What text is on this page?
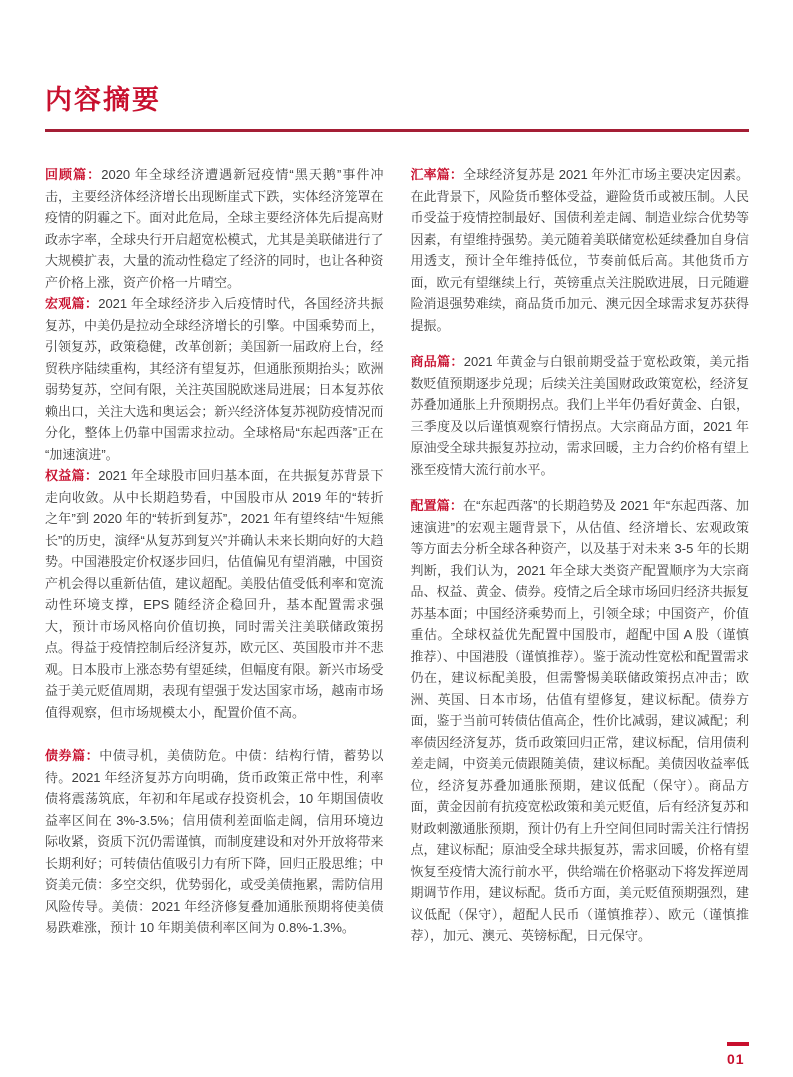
内容摘要

回顾篇：2020 年全球经济遭遇新冠疫情“黑天鹅”事件冲击，主要经济体经济增长出现断崖式下跌，实体经济笼罩在疫情的阴霾之下。面对此危局，全球主要经济体先后提高财政赤字率，全球央行开启超宽松模式，尤其是美联储进行了大规模扩表，大量的流动性稳定了经济的同时，也让各种资产价格上涨，资产价格一片晴空。

宏观篇：2021 年全球经济步入后疫情时代，各国经济共振复苏，中美仍是拉动全球经济增长的引擎。中国乘势而上，引领复苏，政策稳健，改革创新；美国新一届政府上台，经贸秩序陆续重构，其经济有望复苏，但通胀预期抬头；欧洲弱势复苏，空间有限，关注英国脱欧迷局进展；日本复苏依赖出口，关注大选和奥运会；新兴经济体复苏视防疫情况而分化，整体上仍靠中国需求拉动。全球格局“东起西落”正在“加速演进”。

权益篇：2021 年全球股市回归基本面，在共振复苏背景下走向收敛。从中长期趋势看，中国股市从 2019 年的“转折之年”到 2020 年的“转折到复苏”，2021 年有望终结“牛短熊长”的历史，演绎“从复苏到复兴”并确认未来长期向好的大趋势。中国港股定价权逐步回归，估值偏见有望消融，中国资产机会得以重新估值，建议超配。美股估值受低利率和宽流动性环境支撑，EPS 随经济企稳回升，基本配置需求强大，预计市场风格向价值切换，同时需关注美联储政策拐点。得益于疫情控制后经济复苏，欧元区、英国股市并不悲观。日本股市上涨态势有望延续，但幅度有限。新兴市场受益于美元贬值周期，表现有望强于发达国家市场，越南市场值得观察，但市场规模太小，配置价值不高。

债券篇：中债寻机，美债防危。中债：结构行情，蓄势以待。2021 年经济复苏方向明确，货币政策正常中性，利率债将震荡筑底，年初和年尾或存投资机会，10 年期国债收益率区间在 3%-3.5%；信用债利差面临走阔，信用环境边际收紧，资质下沉仍需谨慎，而制度建设和对外开放将带来长期利好；可转债估值吸引力有所下降，回归正股思维；中资美元债：多空交织，优势弱化，或受美债拖累，需防信用风险传导。美债：2021 年经济修复叠加通胀预期将使美债易跌难涨，预计 10 年期美债利率区间为 0.8%-1.3%。

汇率篇：全球经济复苏是 2021 年外汇市场主要决定因素。在此背景下，风险货币整体受益，避险货币或被压制。人民币受益于疫情控制最好、国债利差走阔、制造业综合优势等因素，有望维持强势。美元随着美联储宽松延续叠加自身信用透支，预计全年维持低位，节奏前低后高。其他货币方面，欧元有望继续上行，英镑重点关注脱欧进展，日元随避险消退强势难续，商品货币加元、澳元因全球需求复苏获得提振。

商品篇：2021 年黄金与白银前期受益于宽松政策，美元指数贬值预期逐步兑现；后续关注美国财政政策宽松，经济复苏叠加通胀上升预期拐点。我们上半年仍看好黄金、白银，三季度及以后谨慎观察行情拐点。大宗商品方面，2021 年原油受全球共振复苏拉动，需求回暖，主力合约价格有望上涨至疫情大流行前水平。

配置篇：在“东起西落”的长期趋势及 2021 年“东起西落、加速演进”的宏观主题背景下，从估值、经济增长、宏观政策等方面去分析全球各种资产，以及基于对未来 3-5 年的长期判断，我们认为，2021 年全球大类资产配置顺序为大宗商品、权益、黄金、债券。疫情之后全球市场回归经济共振复苏基本面；中国经济乘势而上，引领全球；中国资产，价值重估。全球权益优先配置中国股市，超配中国 A 股（谨慎推荐）、中国港股（谨慎推荐）。鉴于流动性宽松和配置需求仍在，建议标配美股，但需警惕美联储政策拐点冲击；欧洲、英国、日本市场，估值有望修复，建议标配。债券方面，鉴于当前可转债估值高企，性价比减弱，建议减配；利率债因经济复苏，货币政策回归正常，建议标配，信用债利差走阔，中资美元债跟随美债，建议标配。美债因收益率低位，经济复苏叠加通胀预期，建议低配（保守）。商品方面，黄金因前有抗疫宽松政策和美元贬值，后有经济复苏和财政刺激通胀预期，预计仍有上升空间但同时需关注行情拐点，建议标配；原油受全球共振复苏，需求回暖，价格有望恢复至疫情大流行前水平，供给端在价格驱动下将发挥逆周期调节作用，建议标配。货币方面，美元贬值预期强烈，建议低配（保守），超配人民币（谨慎推荐）、欧元（谨慎推荐），加元、澳元、英镑标配，日元保守。

01
